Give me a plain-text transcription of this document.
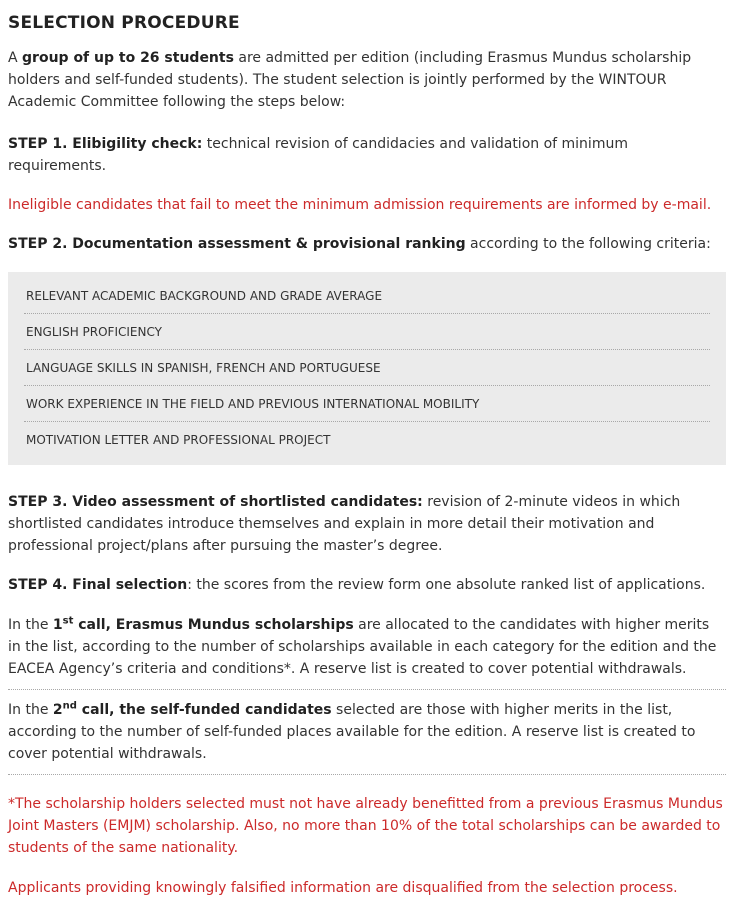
SELECTION PROCEDURE

A group of up to 26 students are admitted per edition (including Erasmus Mundus scholarship holders and self-funded students). The student selection is jointly performed by the WINTOUR Academic Committee following the steps below:

STEP 1. Elibigility check: technical revision of candidacies and validation of minimum requirements.

Ineligible candidates that fail to meet the minimum admission requirements are informed by e-mail.

STEP 2. Documentation assessment & provisional ranking according to the following criteria:

RELEVANT ACADEMIC BACKGROUND AND GRADE AVERAGE
ENGLISH PROFICIENCY
LANGUAGE SKILLS IN SPANISH, FRENCH AND PORTUGUESE
WORK EXPERIENCE IN THE FIELD AND PREVIOUS INTERNATIONAL MOBILITY
MOTIVATION LETTER AND PROFESSIONAL PROJECT

STEP 3. Video assessment of shortlisted candidates: revision of 2-minute videos in which shortlisted candidates introduce themselves and explain in more detail their motivation and professional project/plans after pursuing the master’s degree.

STEP 4. Final selection: the scores from the review form one absolute ranked list of applications.

In the 1st call, Erasmus Mundus scholarships are allocated to the candidates with higher merits in the list, according to the number of scholarships available in each category for the edition and the EACEA Agency’s criteria and conditions*. A reserve list is created to cover potential withdrawals.

In the 2nd call, the self-funded candidates selected are those with higher merits in the list, according to the number of self-funded places available for the edition. A reserve list is created to cover potential withdrawals.

*The scholarship holders selected must not have already benefitted from a previous Erasmus Mundus Joint Masters (EMJM) scholarship. Also, no more than 10% of the total scholarships can be awarded to students of the same nationality.

Applicants providing knowingly falsified information are disqualified from the selection process.
